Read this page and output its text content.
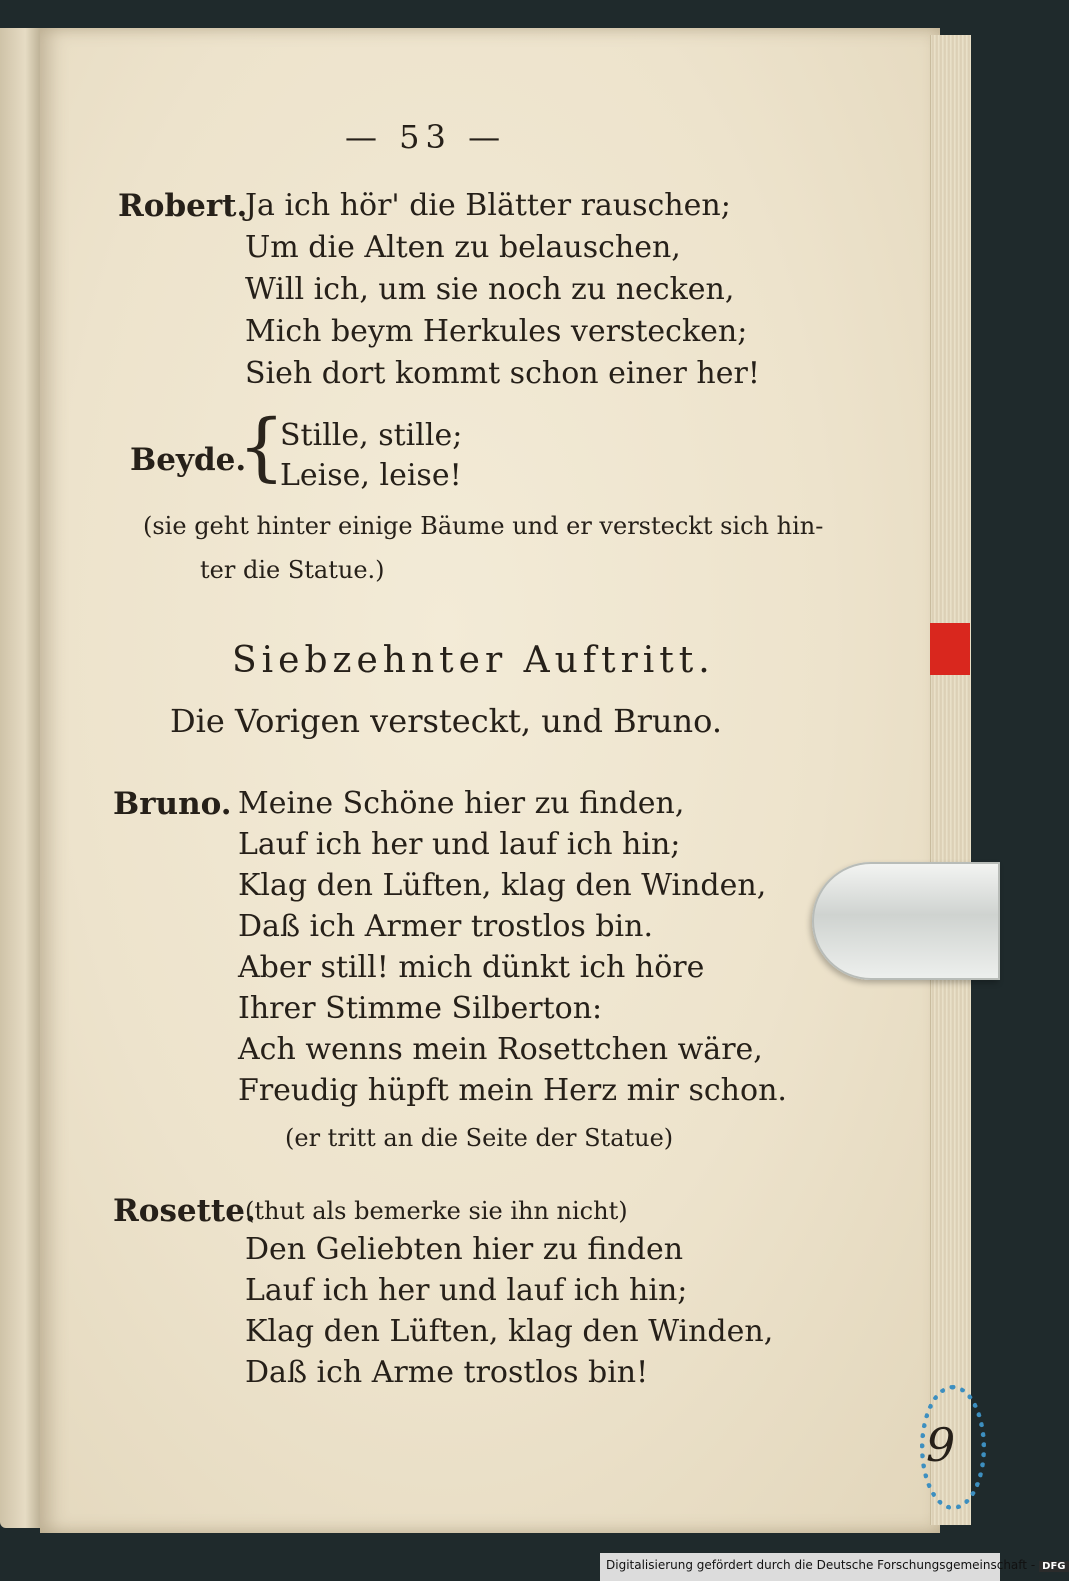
9
— 53 —
Robert.
Ja ich hör' die Blätter rauschen;
Um die Alten zu belauschen,
Will ich, um sie noch zu necken,
Mich beym Herkules verstecken;
Sieh dort kommt schon einer her!
Beyde.
{
Stille, stille;
Leise, leise!
(sie geht hinter einige Bäume und er versteckt sich hin-
ter die Statue.)
Siebzehnter Auftritt.
Die Vorigen versteckt, und Bruno.
Bruno. Meine Schöne hier zu finden,
Lauf ich her und lauf ich hin;
Klag den Lüften, klag den Winden,
Daß ich Armer trostlos bin.
Aber still! mich dünkt ich höre
Ihrer Stimme Silberton:
Ach wenns mein Rosettchen wäre,
Freudig hüpft mein Herz mir schon.
(er tritt an die Seite der Statue)
Rosette.
(thut als bemerke sie ihn nicht)
Den Geliebten hier zu finden
Lauf ich her und lauf ich hin;
Klag den Lüften, klag den Winden,
Daß ich Arme trostlos bin!
Digitalisierung gefördert durch die Deutsche Forschungsgemeinschaft - DFG
